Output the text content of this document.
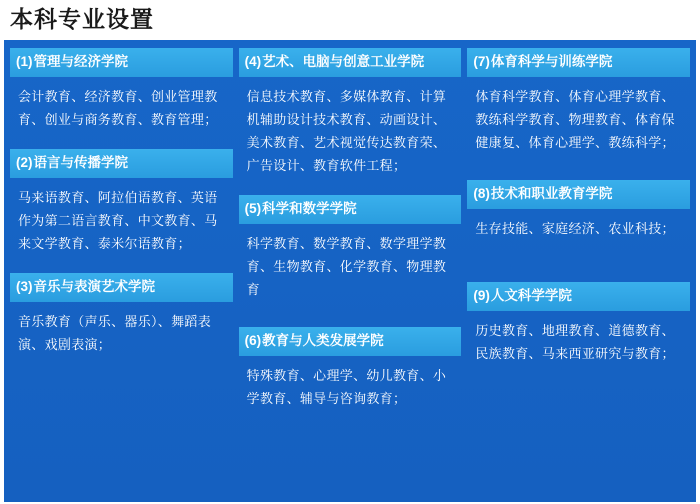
本科专业设置
(1) 管理与经济学院
会计教育、经济教育、创业管理教育、创业与商务教育、教育管理；
(2) 语言与传播学院
马来语教育、阿拉伯语教育、英语作为第二语言教育、中文教育、马来文学教育、泰米尔语教育；
(3) 音乐与表演艺术学院
音乐教育（声乐、器乐）、舞蹈表演、戏剧表演；
(4) 艺术、电脑与创意工业学院
信息技术教育、多媒体教育、计算机辅助设计技术教育、动画设计、美术教育、艺术视觉传达教育荣、广告设计、教育软件工程；
(5) 科学和数学学院
科学教育、数学教育、数学理学教育、生物教育、化学教育、物理教育
(6) 教育与人类发展学院
特殊教育、心理学、幼儿教育、小学教育、辅导与咨询教育；
(7) 体育科学与训练学院
体育科学教育、体育心理学教育、教练科学教育、物理教育、体育保健康复、体育心理学、教练科学；
(8) 技术和职业教育学院
生存技能、家庭经济、农业科技；
(9) 人文科学学院
历史教育、地理教育、道德教育、民族教育、马来西亚研究与教育；
